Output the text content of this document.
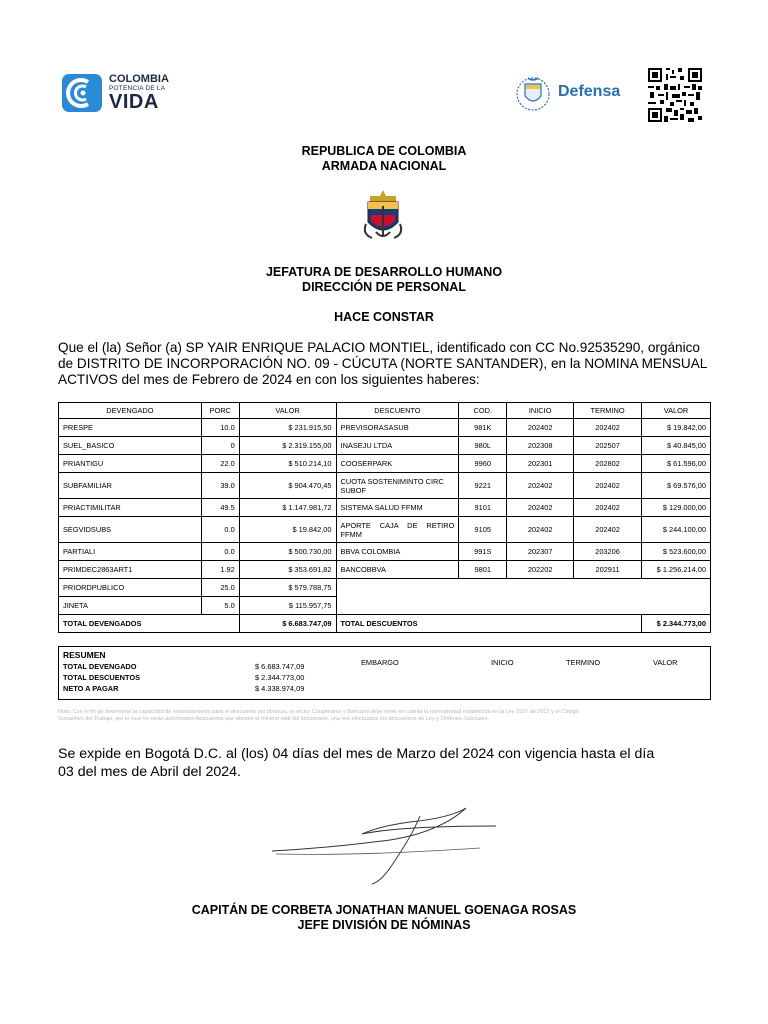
COLOMBIA
POTENCIA DE LA
VIDA	Defensa
REPUBLICA DE COLOMBIA
ARMADA NACIONAL
JEFATURA DE DESARROLLO HUMANO
DIRECCIÓN DE PERSONAL
HACE CONSTAR
Que el (la) Señor (a) SP YAIR ENRIQUE PALACIO MONTIEL, identificado con CC No.92535290, orgánico
de DISTRITO DE INCORPORACIÓN NO. 09 - CÚCUTA (NORTE SANTANDER), en la NOMINA MENSUAL
ACTIVOS del mes de Febrero de 2024 en con los siguientes haberes:
DEVENGADO	PORC	VALOR	DESCUENTO	COD.	INICIO	TERMINO	VALOR
PRESPE	10.0	$ 231.915,50	PREVISORASASUB	981K	202402	202402	$ 19.842,00
SUEL_BASICO	0	$ 2.319.155,00	INASEJU LTDA	980L	202308	202507	$ 40.845,00
PRIANTIGU	22.0	$ 510.214,10	COOSERPARK	9960	202301	202802	$ 61.596,00
SUBFAMILIAR	39.0	$ 904.470,45	CUOTA SOSTENIMINTO CIRC SUBOF	9221	202402	202402	$ 69.576,00
PRIACTIMILITAR	49.5	$ 1.147.981,72	SISTEMA SALUD FFMM	9101	202402	202402	$ 129.000,00
SEGVIDSUBS	0.0	$ 19.842,00	APORTE CAJA DE RETIRO FFMM	9105	202402	202402	$ 244.100,00
PARTIALI	0.0	$ 500.730,00	BBVA COLOMBIA	991S	202307	203206	$ 523.600,00
PRIMDEC2863ART1	1.92	$ 353.691,82	BANCOBBVA	9801	202202	202911	$ 1.256.214,00
PRIORDPUBLICO	25.0	$ 579.788,75					
JINETA	5.0	$ 115.957,75					
TOTAL DEVENGADOS		$ 6.683.747,09	TOTAL DESCUENTOS				$ 2.344.773,00
RESUMEN
TOTAL DEVENGADO	$ 6.683.747,09
TOTAL DESCUENTOS	$ 2.344.773,00
NETO A PAGAR	$ 4.338.974,09
EMBARGO	INICIO	TERMINO	VALOR
Nota: Con el fin de determinar la capacidad de endeudamiento para el descuento por libranza, el sector Cooperativo y Bancario debe tener en cuenta la normatividad establecida en la Ley 1527 de 2012 y el Código
Sustantivo del Trabajo, por lo cual no serán autorizados descuentos que afecten el mínimo vital del funcionario, una vez efectuados los descuentos de Ley y Órdenes Judiciales.
Se expide en Bogotá D.C. al (los) 04 días del mes de Marzo del 2024 con vigencia hasta el día
03 del mes de Abril del 2024.
CAPITÁN DE CORBETA JONATHAN MANUEL GOENAGA ROSAS
JEFE DIVISIÓN DE NÓMINAS
